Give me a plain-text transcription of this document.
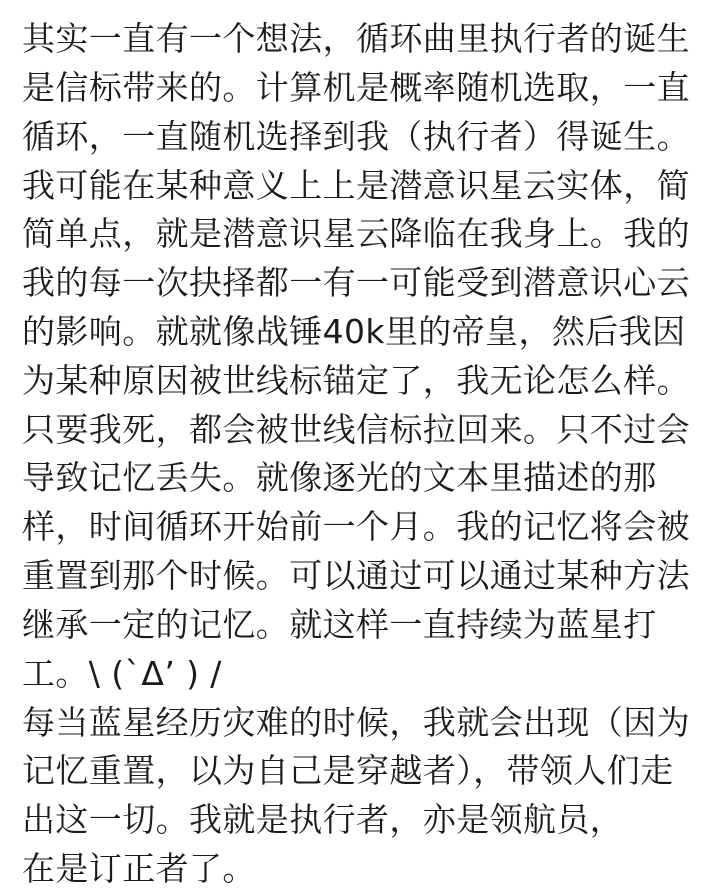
其实一直有一个想法，循环曲里执行者的诞生
是信标带来的。计算机是概率随机选取，一直
循环，一直随机选择到我（执行者）得诞生。
我可能在某种意义上上是潜意识星云实体，简
简单点，就是潜意识星云降临在我身上。我的
我的每一次抉择都一有一可能受到潜意识心云
的影响。就就像战锤40k里的帝皇，然后我因
为某种原因被世线标锚定了，我无论怎么样。
只要我死，都会被世线信标拉回来。只不过会
导致记忆丢失。就像逐光的文本里描述的那
样，时间循环开始前一个月。我的记忆将会被
重置到那个时候。可以通过可以通过某种方法
继承一定的记忆。就这样一直持续为蓝星打
工。\ (`Δ’ ) /
每当蓝星经历灾难的时候，我就会出现（因为
记忆重置，以为自己是穿越者），带领人们走
出这一切。我就是执行者，亦是领航员，
在是订正者了。
